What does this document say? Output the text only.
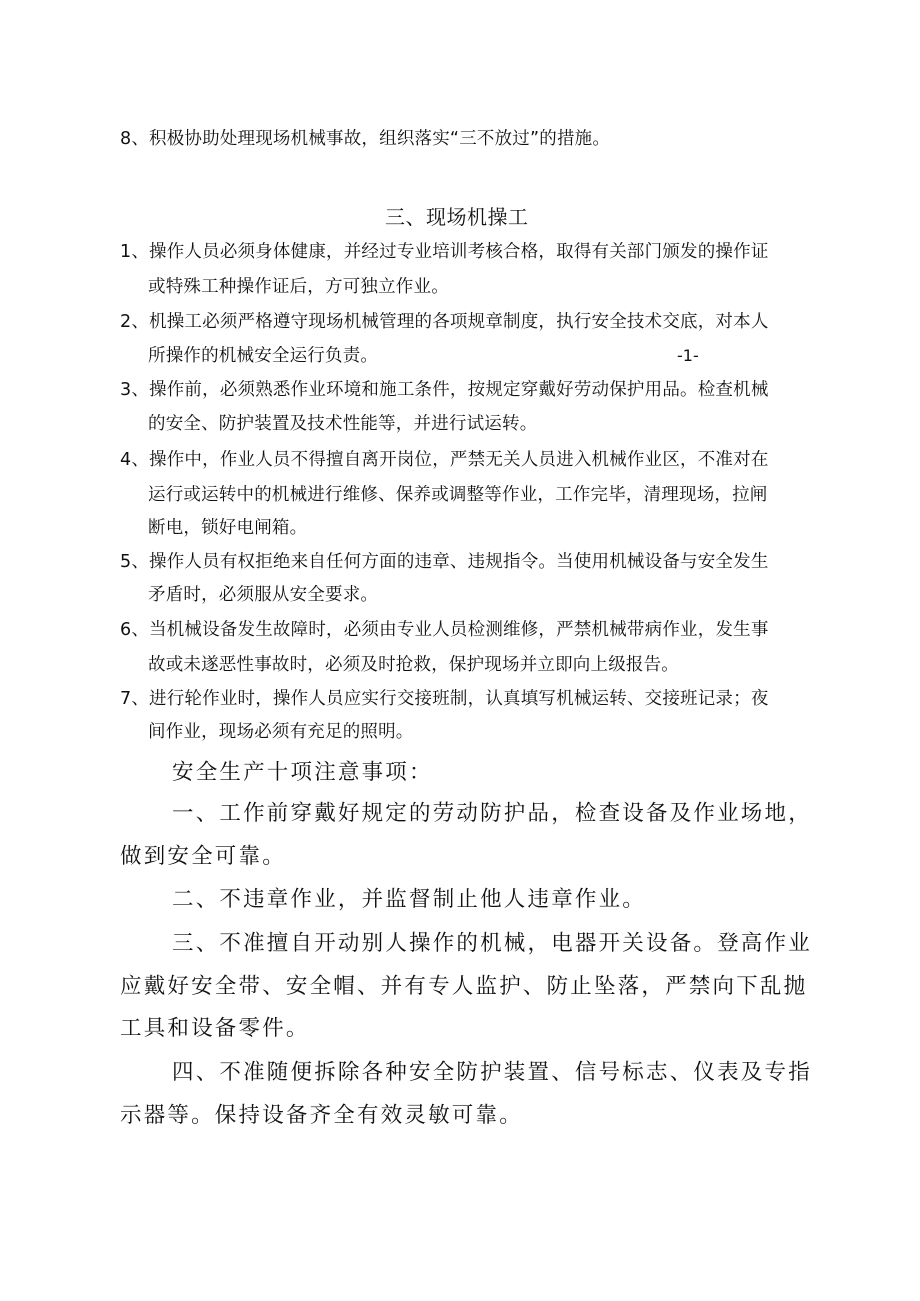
8、积极协助处理现场机械事故，组织落实“三不放过”的措施。
三、现场机操工
1、操作人员必须身体健康，并经过专业培训考核合格，取得有关部门颁发的操作证
或特殊工种操作证后，方可独立作业。
2、机操工必须严格遵守现场机械管理的各项规章制度，执行安全技术交底，对本人
所操作的机械安全运行负责。	-1-
3、操作前，必须熟悉作业环境和施工条件，按规定穿戴好劳动保护用品。检查机械
的安全、防护装置及技术性能等，并进行试运转。
4、操作中，作业人员不得擅自离开岗位，严禁无关人员进入机械作业区，不准对在
运行或运转中的机械进行维修、保养或调整等作业，工作完毕，清理现场，拉闸
断电，锁好电闸箱。
5、操作人员有权拒绝来自任何方面的违章、违规指令。当使用机械设备与安全发生
矛盾时，必须服从安全要求。
6、当机械设备发生故障时，必须由专业人员检测维修，严禁机械带病作业，发生事
故或未遂恶性事故时，必须及时抢救，保护现场并立即向上级报告。
7、进行轮作业时，操作人员应实行交接班制，认真填写机械运转、交接班记录；夜
间作业，现场必须有充足的照明。
安全生产十项注意事项：
一、工作前穿戴好规定的劳动防护品，检查设备及作业场地，
做到安全可靠。
二、不违章作业，并监督制止他人违章作业。
三、不准擅自开动别人操作的机械，电器开关设备。登高作业
应戴好安全带、安全帽、并有专人监护、防止坠落，严禁向下乱抛
工具和设备零件。
四、不准随便拆除各种安全防护装置、信号标志、仪表及专指
示器等。保持设备齐全有效灵敏可靠。
